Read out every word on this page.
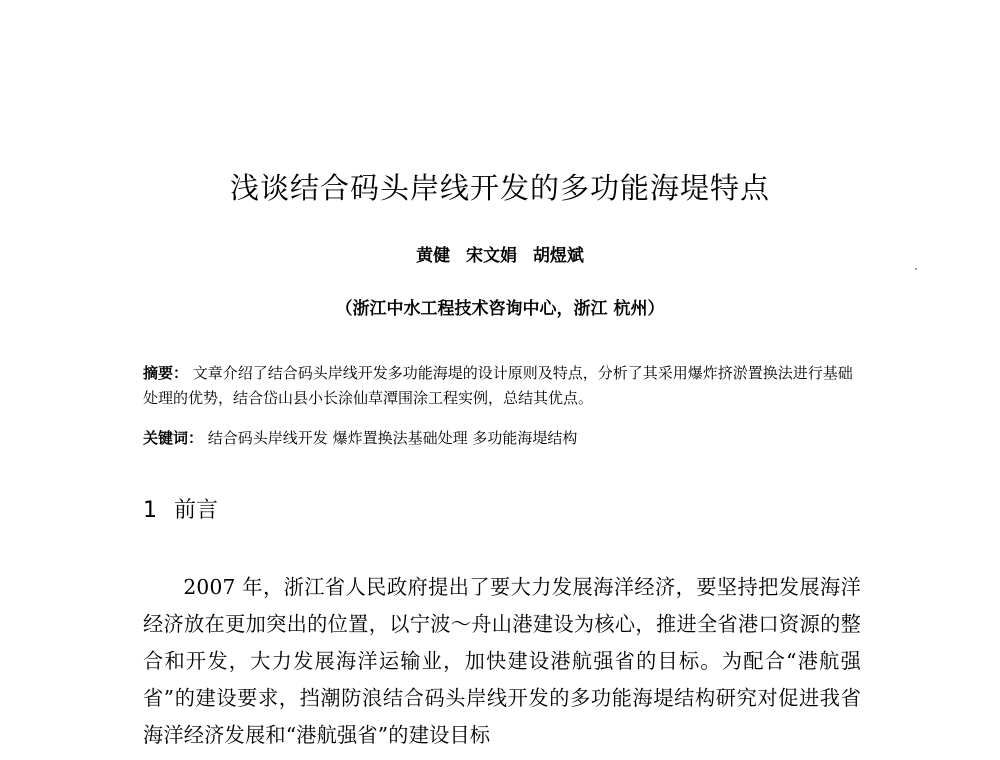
浅谈结合码头岸线开发的多功能海堤特点
黄健 宋文娟 胡煜斌
（浙江中水工程技术咨询中心，浙江 杭州）
摘要： 文章介绍了结合码头岸线开发多功能海堤的设计原则及特点，分析了其采用爆炸挤淤置换法进行基础处理的优势，结合岱山县小长涂仙草潭围涂工程实例，总结其优点。
关键词： 结合码头岸线开发 爆炸置换法基础处理 多功能海堤结构
1 前言
2007 年，浙江省人民政府提出了要大力发展海洋经济，要坚持把发展海洋经济放在更加突出的位置，以宁波～舟山港建设为核心，推进全省港口资源的整合和开发，大力发展海洋运输业，加快建设港航强省的目标。为配合“港航强省”的建设要求，挡潮防浪结合码头岸线开发的多功能海堤结构研究对促进我省海洋经济发展和“港航强省”的建设目标
